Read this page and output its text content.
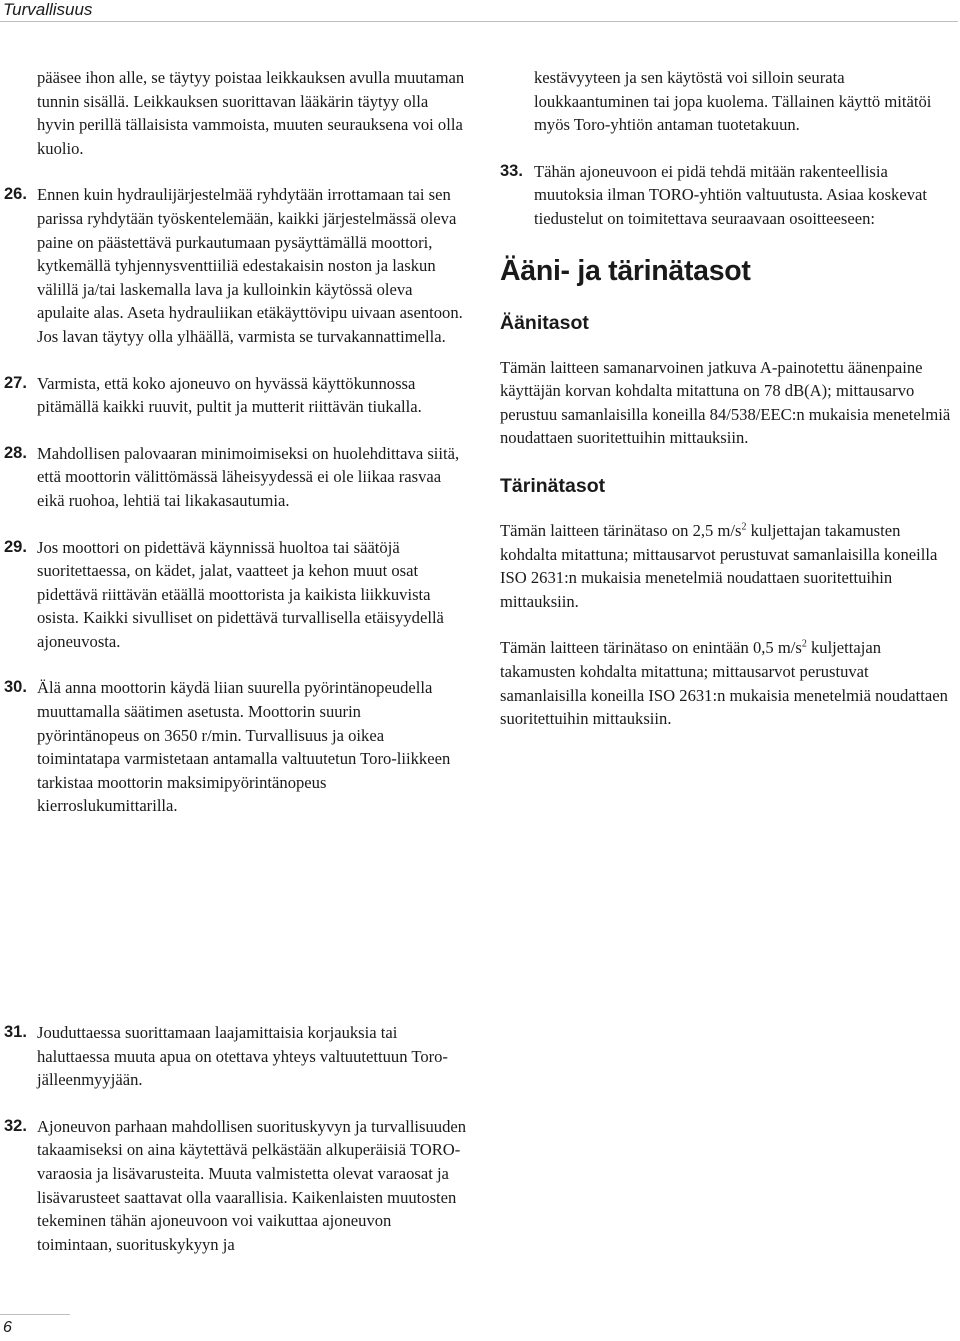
Turvallisuus

pääsee ihon alle, se täytyy poistaa leikkauksen avulla muutaman tunnin sisällä. Leikkauksen suorittavan lääkärin täytyy olla hyvin perillä tällaisista vammoista, muuten seurauksena voi olla kuolio.

26. Ennen kuin hydraulijärjestelmää ryhdytään irrottamaan tai sen parissa ryhdytään työskentelemään, kaikki järjestelmässä oleva paine on päästettävä purkautumaan pysäyttämällä moottori, kytkemällä tyhjennysventtiiliä edestakaisin noston ja laskun välillä ja/tai laskemalla lava ja kulloinkin käytössä oleva apulaite alas. Aseta hydrauliikan etäkäyttövipu uivaan asentoon. Jos lavan täytyy olla ylhäällä, varmista se turvakannattimella.
27. Varmista, että koko ajoneuvo on hyvässä käyttökunnossa pitämällä kaikki ruuvit, pultit ja mutterit riittävän tiukalla.
28. Mahdollisen palovaaran minimoimiseksi on huolehdittava siitä, että moottorin välittömässä läheisyydessä ei ole liikaa rasvaa eikä ruohoa, lehtiä tai likakasautumia.
29. Jos moottori on pidettävä käynnissä huoltoa tai säätöjä suoritettaessa, on kädet, jalat, vaatteet ja kehon muut osat pidettävä riittävän etäällä moottorista ja kaikista liikkuvista osista. Kaikki sivulliset on pidettävä turvallisella etäisyydellä ajoneuvosta.
30. Älä anna moottorin käydä liian suurella pyörintänopeudella muuttamalla säätimen asetusta. Moottorin suurin pyörintänopeus on 3650 r/min. Turvallisuus ja oikea toimintatapa varmistetaan antamalla valtuutetun Toro-liikkeen tarkistaa moottorin maksimipyörintänopeus kierroslukumittarilla.
31. Jouduttaessa suorittamaan laajamittaisia korjauksia tai haluttaessa muuta apua on otettava yhteys valtuutettuun Toro-jälleenmyyjään.
32. Ajoneuvon parhaan mahdollisen suorituskyvyn ja turvallisuuden takaamiseksi on aina käytettävä pelkästään alkuperäisiä TORO-varaosia ja lisävarusteita. Muuta valmistetta olevat varaosat ja lisävarusteet saattavat olla vaarallisia. Kaikenlaisten muutosten tekeminen tähän ajoneuvoon voi vaikuttaa ajoneuvon toimintaan, suorituskykyyn ja

kestävyyteen ja sen käytöstä voi silloin seurata loukkaantuminen tai jopa kuolema. Tällainen käyttö mitätöi myös Toro-yhtiön antaman tuotetakuun.

33. Tähän ajoneuvoon ei pidä tehdä mitään rakenteellisia muutoksia ilman TORO-yhtiön valtuutusta. Asiaa koskevat tiedustelut on toimitettava seuraavaan osoitteeseen:
Ääni- ja tärinätasot
Äänitasot

Tämän laitteen samanarvoinen jatkuva A-painotettu äänenpaine käyttäjän korvan kohdalta mitattuna on 78 dB(A); mittausarvo perustuu samanlaisilla koneilla 84/538/EEC:n mukaisia menetelmiä noudattaen suoritettuihin mittauksiin.

Tärinätasot

Tämän laitteen tärinätaso on 2,5 $m/s^2$ kuljettajan takamusten kohdalta mitattuna; mittausarvot perustuvat samanlaisilla koneilla ISO 2631:n mukaisia menetelmiä noudattaen suoritettuihin mittauksiin.

Tämän laitteen tärinätaso on enintään 0,5 $m/s^2$ kuljettajan takamusten kohdalta mitattuna; mittausarvot perustuvat samanlaisilla koneilla ISO 2631:n mukaisia menetelmiä noudattaen suoritettuihin mittauksiin.

6
